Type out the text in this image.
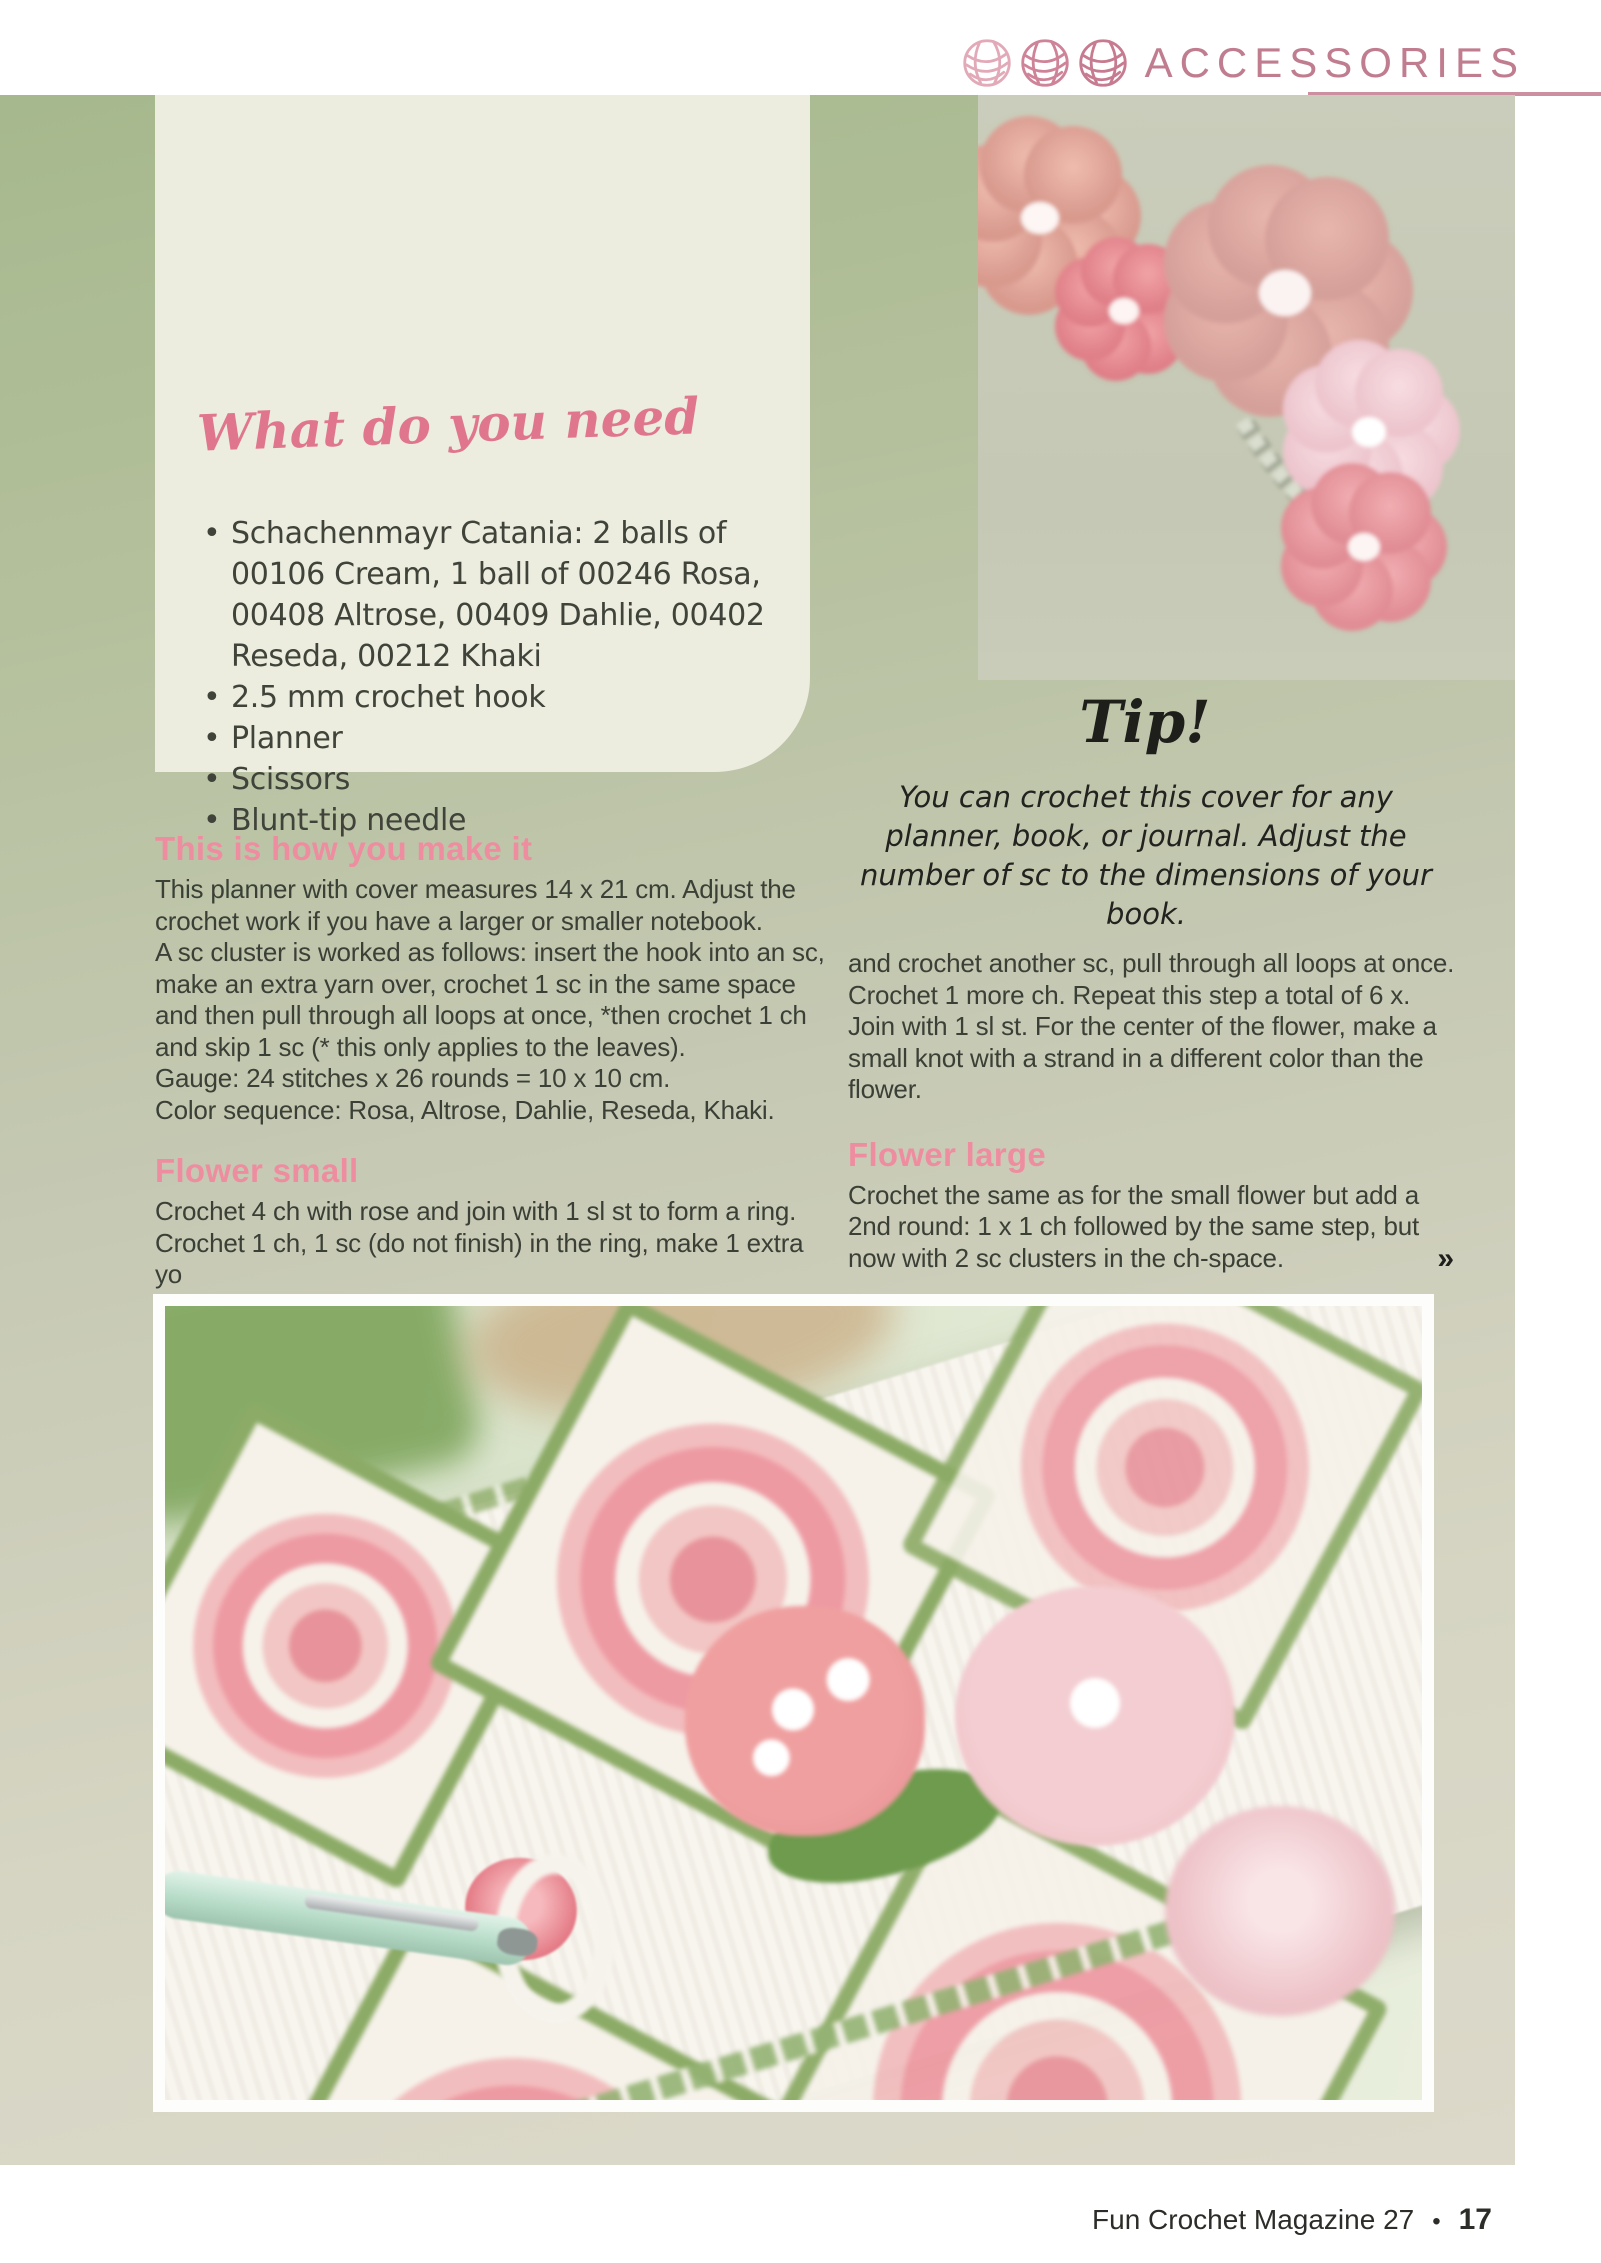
ACCESSORIES
What do you need
• Schachenmayr Catania: 2 balls of 00106 Cream, 1 ball of 00246 Rosa, 00408 Altrose, 00409 Dahlie, 00402 Reseda, 00212 Khaki
• 2.5 mm crochet hook
• Planner
• Scissors
• Blunt-tip needle
Tip!
You can crochet this cover for any planner, book, or journal. Adjust the number of sc to the dimensions of your book.
This is how you make it

This planner with cover measures 14 x 21 cm. Adjust the crochet work if you have a larger or smaller notebook.

A sc cluster is worked as follows: insert the hook into an sc, make an extra yarn over, crochet 1 sc in the same space and then pull through all loops at once, *then crochet 1 ch and skip 1 sc (* this only applies to the leaves).

Gauge: 24 stitches x 26 rounds = 10 x 10 cm.

Color sequence: Rosa, Altrose, Dahlie, Reseda, Khaki.

Flower small

Crochet 4 ch with rose and join with 1 sl st to form a ring. Crochet 1 ch, 1 sc (do not finish) in the ring, make 1 extra yo

and crochet another sc, pull through all loops at once. Crochet 1 more ch. Repeat this step a total of 6 x. Join with 1 sl st. For the center of the flower, make a small knot with a strand in a different color than the flower.

Flower large

Crochet the same as for the small flower but add a 2nd round: 1 x 1 ch followed by the same step, but now with 2 sc clusters in the ch-space.	»
Fun Crochet Magazine 27 • 17
